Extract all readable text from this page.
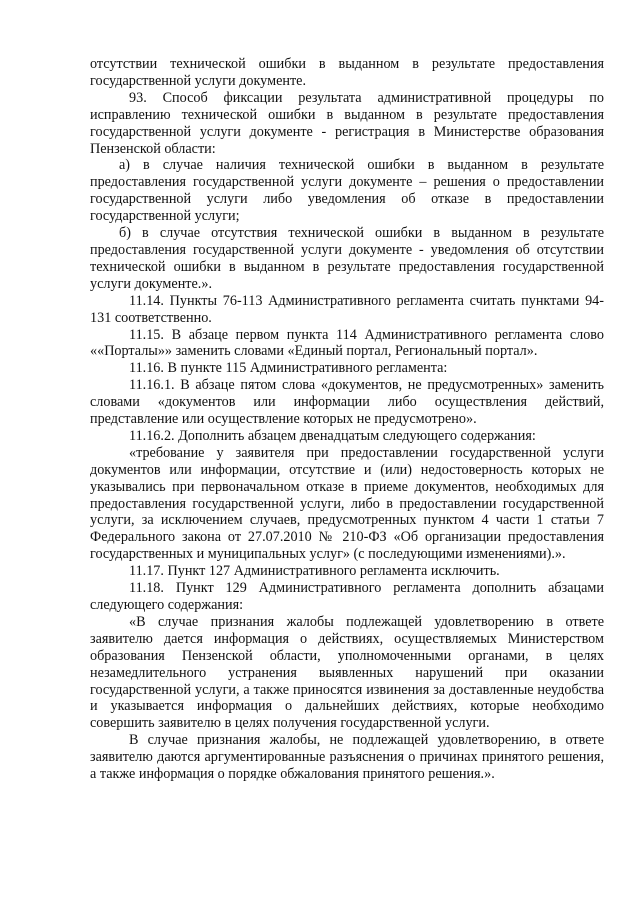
отсутствии технической ошибки в выданном в результате предоставления государственной услуги документе.

93. Способ фиксации результата административной процедуры по исправлению технической ошибки в выданном в результате предоставления государственной услуги документе - регистрация в Министерстве образования Пензенской области:

а) в случае наличия технической ошибки в выданном в результате предоставления государственной услуги документе – решения о предоставлении государственной услуги либо уведомления об отказе в предоставлении государственной услуги;

б) в случае отсутствия технической ошибки в выданном в результате предоставления государственной услуги документе - уведомления об отсутствии технической ошибки в выданном в результате предоставления государственной услуги документе.».

11.14. Пункты 76-113 Административного регламента считать пунктами 94-131 соответственно.

11.15. В абзаце первом пункта 114 Административного регламента слово ««Порталы»» заменить словами «Единый портал, Региональный портал».

11.16. В пункте 115 Административного регламента:

11.16.1. В абзаце пятом слова «документов, не предусмотренных» заменить словами «документов или информации либо осуществления действий, представление или осуществление которых не предусмотрено».

11.16.2. Дополнить абзацем двенадцатым следующего содержания:

«требование у заявителя при предоставлении государственной услуги документов или информации, отсутствие и (или) недостоверность которых не указывались при первоначальном отказе в приеме документов, необходимых для предоставления государственной услуги, либо в предоставлении государственной услуги, за исключением случаев, предусмотренных пунктом 4 части 1 статьи 7 Федерального закона от 27.07.2010 № 210-ФЗ «Об организации предоставления государственных и муниципальных услуг» (с последующими изменениями).».

11.17. Пункт 127 Административного регламента исключить.

11.18. Пункт 129 Административного регламента дополнить абзацами следующего содержания:

«В случае признания жалобы подлежащей удовлетворению в ответе заявителю дается информация о действиях, осуществляемых Министерством образования Пензенской области, уполномоченными органами, в целях незамедлительного устранения выявленных нарушений при оказании государственной услуги, а также приносятся извинения за доставленные неудобства и указывается информация о дальнейших действиях, которые необходимо совершить заявителю в целях получения государственной услуги.

В случае признания жалобы, не подлежащей удовлетворению, в ответе заявителю даются аргументированные разъяснения о причинах принятого решения, а также информация о порядке обжалования принятого решения.».
